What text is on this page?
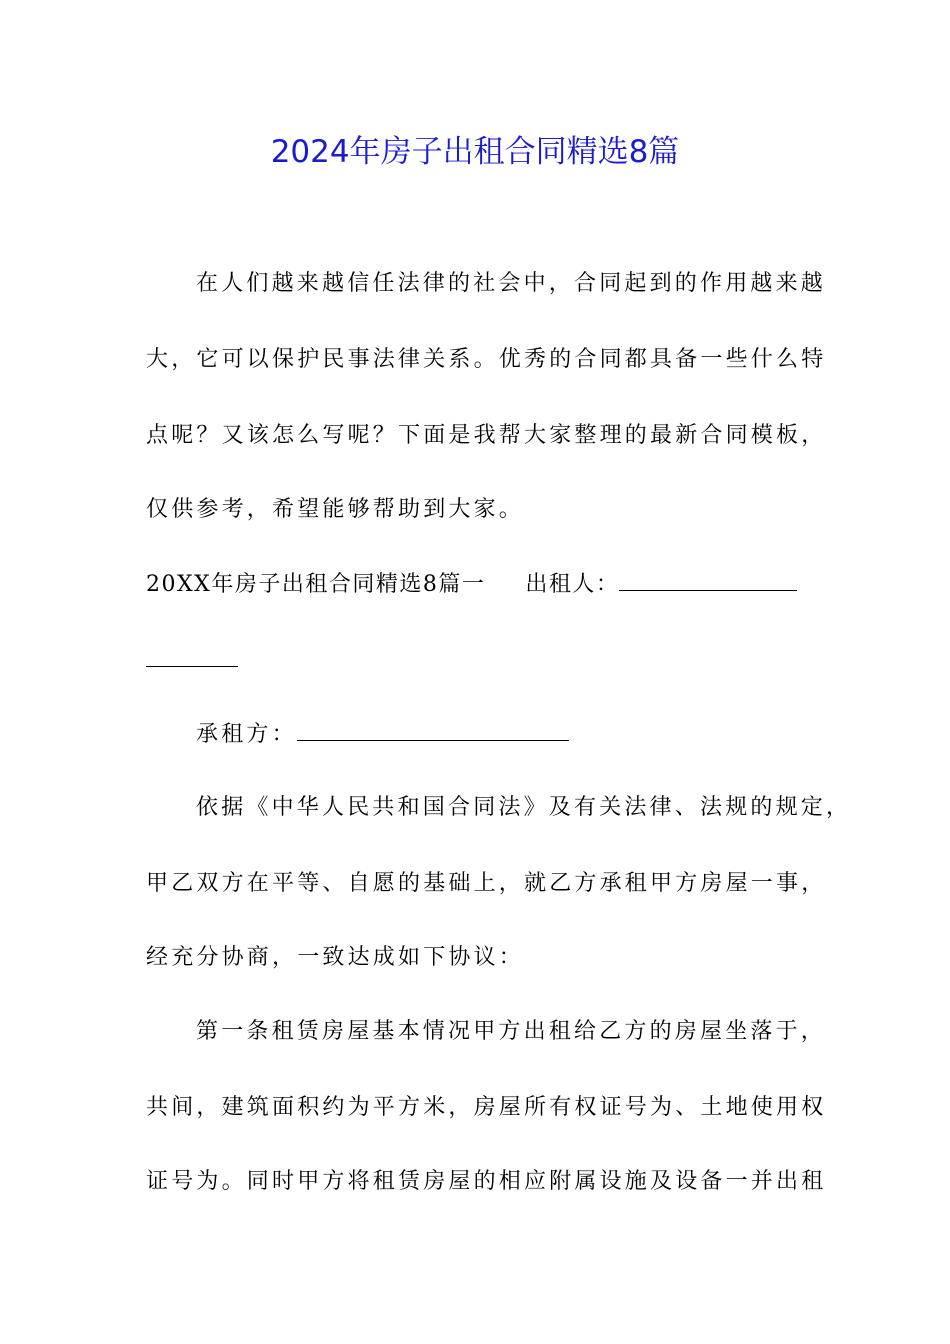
2024年房子出租合同精选8篇
在人们越来越信任法律的社会中，合同起到的作用越来越
大，它可以保护民事法律关系。优秀的合同都具备一些什么特
点呢？又该怎么写呢？下面是我帮大家整理的最新合同模板，
仅供参考，希望能够帮助到大家。
20XX年房子出租合同精选8篇一 出租人：
承租方：
依据《中华人民共和国合同法》及有关法律、法规的规定，
甲乙双方在平等、自愿的基础上，就乙方承租甲方房屋一事，
经充分协商，一致达成如下协议：
第一条租赁房屋基本情况甲方出租给乙方的房屋坐落于，
共间，建筑面积约为平方米，房屋所有权证号为、土地使用权
证号为。同时甲方将租赁房屋的相应附属设施及设备一并出租
